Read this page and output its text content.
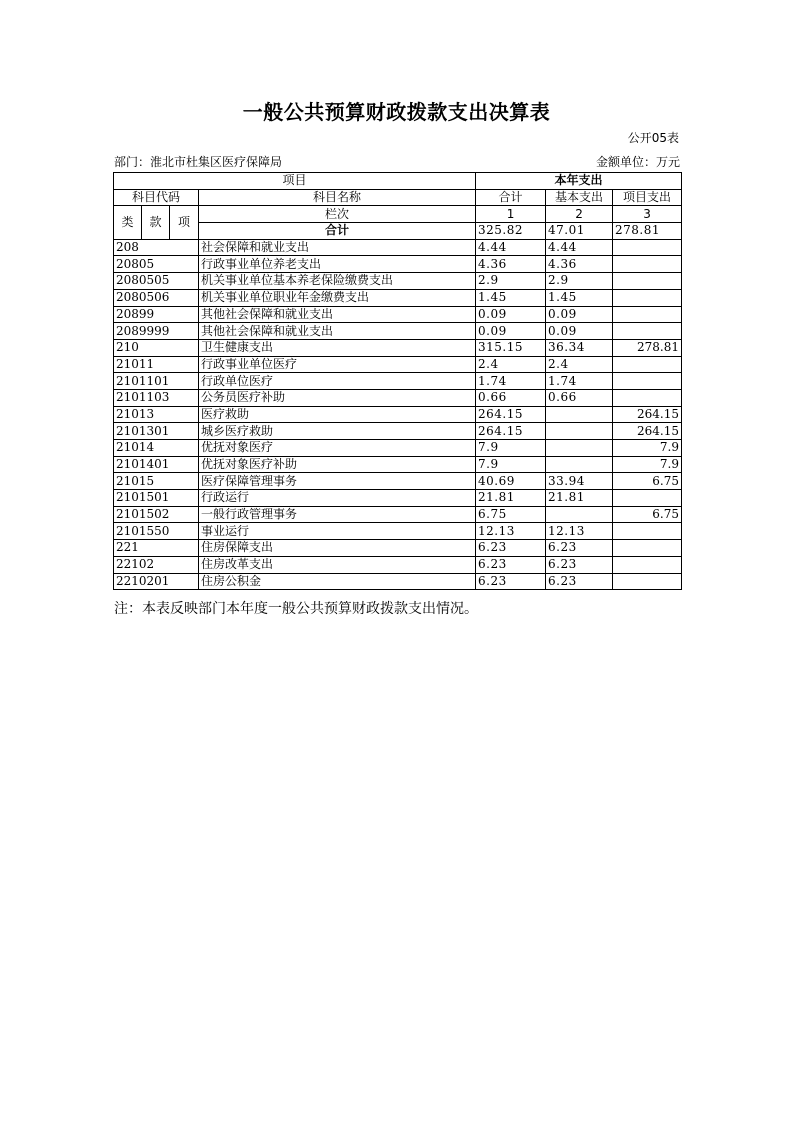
一般公共预算财政拨款支出决算表
公开05表
部门：淮北市杜集区医疗保障局	金额单位：万元
项目				本年支出		
科目代码			科目名称	合计	基本支出	项目支出
类	款	项	栏次	1	2	3
			合计	325.82	47.01	278.81
208			社会保障和就业支出	4.44	4.44	
20805			行政事业单位养老支出	4.36	4.36	
2080505			机关事业单位基本养老保险缴费支出	2.9	2.9	
2080506			机关事业单位职业年金缴费支出	1.45	1.45	
20899			其他社会保障和就业支出	0.09	0.09	
2089999			其他社会保障和就业支出	0.09	0.09	
210			卫生健康支出	315.15	36.34	278.81
21011			行政事业单位医疗	2.4	2.4	
2101101			行政单位医疗	1.74	1.74	
2101103			公务员医疗补助	0.66	0.66	
21013			医疗救助	264.15		264.15
2101301			城乡医疗救助	264.15		264.15
21014			优抚对象医疗	7.9		7.9
2101401			优抚对象医疗补助	7.9		7.9
21015			医疗保障管理事务	40.69	33.94	6.75
2101501			行政运行	21.81	21.81	
2101502			一般行政管理事务	6.75		6.75
2101550			事业运行	12.13	12.13	
221			住房保障支出	6.23	6.23	
22102			住房改革支出	6.23	6.23	
2210201			住房公积金	6.23	6.23	
注：本表反映部门本年度一般公共预算财政拨款支出情况。
